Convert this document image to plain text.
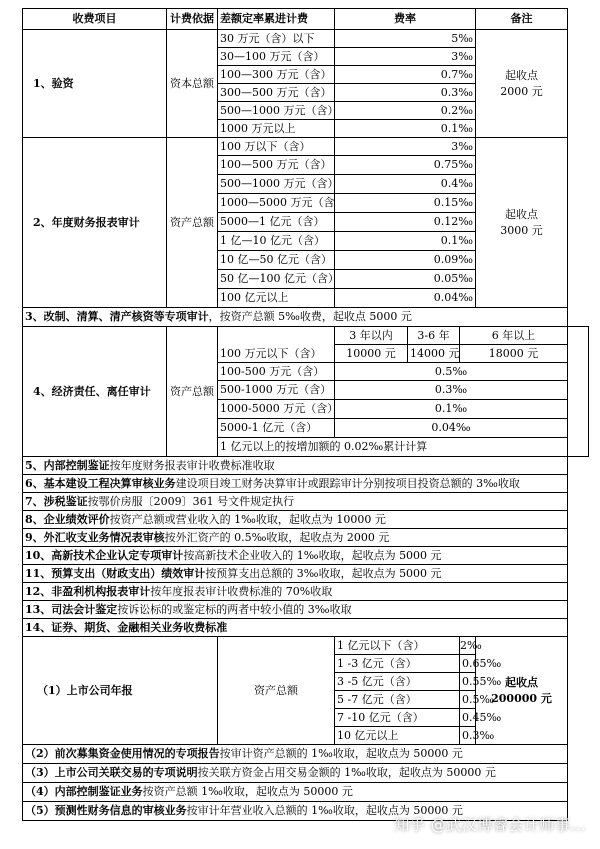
收费项目	计费依据	差额定率累进计费	费率			备注	
1、验资	资本总额	30 万元（含）以下	5‰			起收点
2000 元	
		30—100 万元（含）	3‰				
		100—300 万元（含）	0.7‰				
		300—500 万元（含）	0.3‰				
		500—1000 万元（含）	0.2‰				
		1000 万元以上	0.1‰				
2、年度财务报表审计	资产总额	100 万以下（含）	3‰			起收点
3000 元	
		100—500 万元（含）	0.75‰				
		500—1000 万元（含）	0.4‰				
		1000—5000 万元（含	0.15‰				
		5000—1 亿元（含）	0.12‰				
		1 亿—10 亿元（含）	0.1‰				
		10 亿—50 亿元（含）	0.09‰				
		50 亿—100 亿元（含）	0.05‰				
		100 亿元以上	0.04‰				
3、改制、清算、清产核资等专项审计，按资产总额 5‰收费，起收点 5000 元							
4、经济责任、离任审计	资产总额	100 万元以下（含）	3 年以内	3-6 年	6 年以上		
			10000 元	14000 元	18000 元		
		100-500 万元（含）	0.5‰				
		500-1000 万元（含）	0.3‰				
		1000-5000 万元（含）	0.1‰				
		5000-1 亿元（含）	0.04‰				
		1 亿元以上的按增加额的 0.02‰累计计算					
5、内部控制鉴证按年度财务报表审计收费标准收取							
6、基本建设工程决算审核业务建设项目竣工财务决算审计或跟踪审计分别按项目投资总额的 3‰收取							
7、涉税鉴证按鄂价房服〔2009〕361 号文件规定执行							
8、企业绩效评价按资产总额或营业收入的 1‰收取，起收点为 10000 元							
9、外汇收支业务情况表审核按外汇资产的 0.5‰收取，起收点为 2000 元							
10、高新技术企业认定专项审计按高新技术企业收入的 1‰收取，起收点为 5000 元							
11、预算支出（财政支出）绩效审计按预算支出总额的 3‰收取，起收点为 5000 元							
12、非盈利机构报表审计按年度报表审计收费标准的 70%收取							
13、司法会计鉴定按诉讼标的或鉴定标的两者中较小值的 3‰收取							
14、证券、期货、金融相关业务收费标准							
（1）上市公司年报		资产总额	1 亿元以下（含）		2‰	起收点
200000 元	
			1 -3 亿元（含）		0.65‰		
			3 -5 亿元（含）		0.55‰		
			5 -7 亿元（含）		0.5‰		
			7 -10 亿元（含）		0.45‰		
			10 亿元以上		0.3‰		
（2）前次募集资金使用情况的专项报告按审计资产总额的 1‰收取，起收点为 50000 元							
（3）上市公司关联交易的专项说明按关联方资金占用交易金额的 1‰收取，起收点为 50000 元							
（4）内部控制鉴证业务按资产总额 1‰收取，起收点为 50000 元							
（5）预测性财务信息的审核业务按审计年营业收入总额的 1‰收取，起收点为 50000 元							
知乎 @武汉博睿会计师事...
